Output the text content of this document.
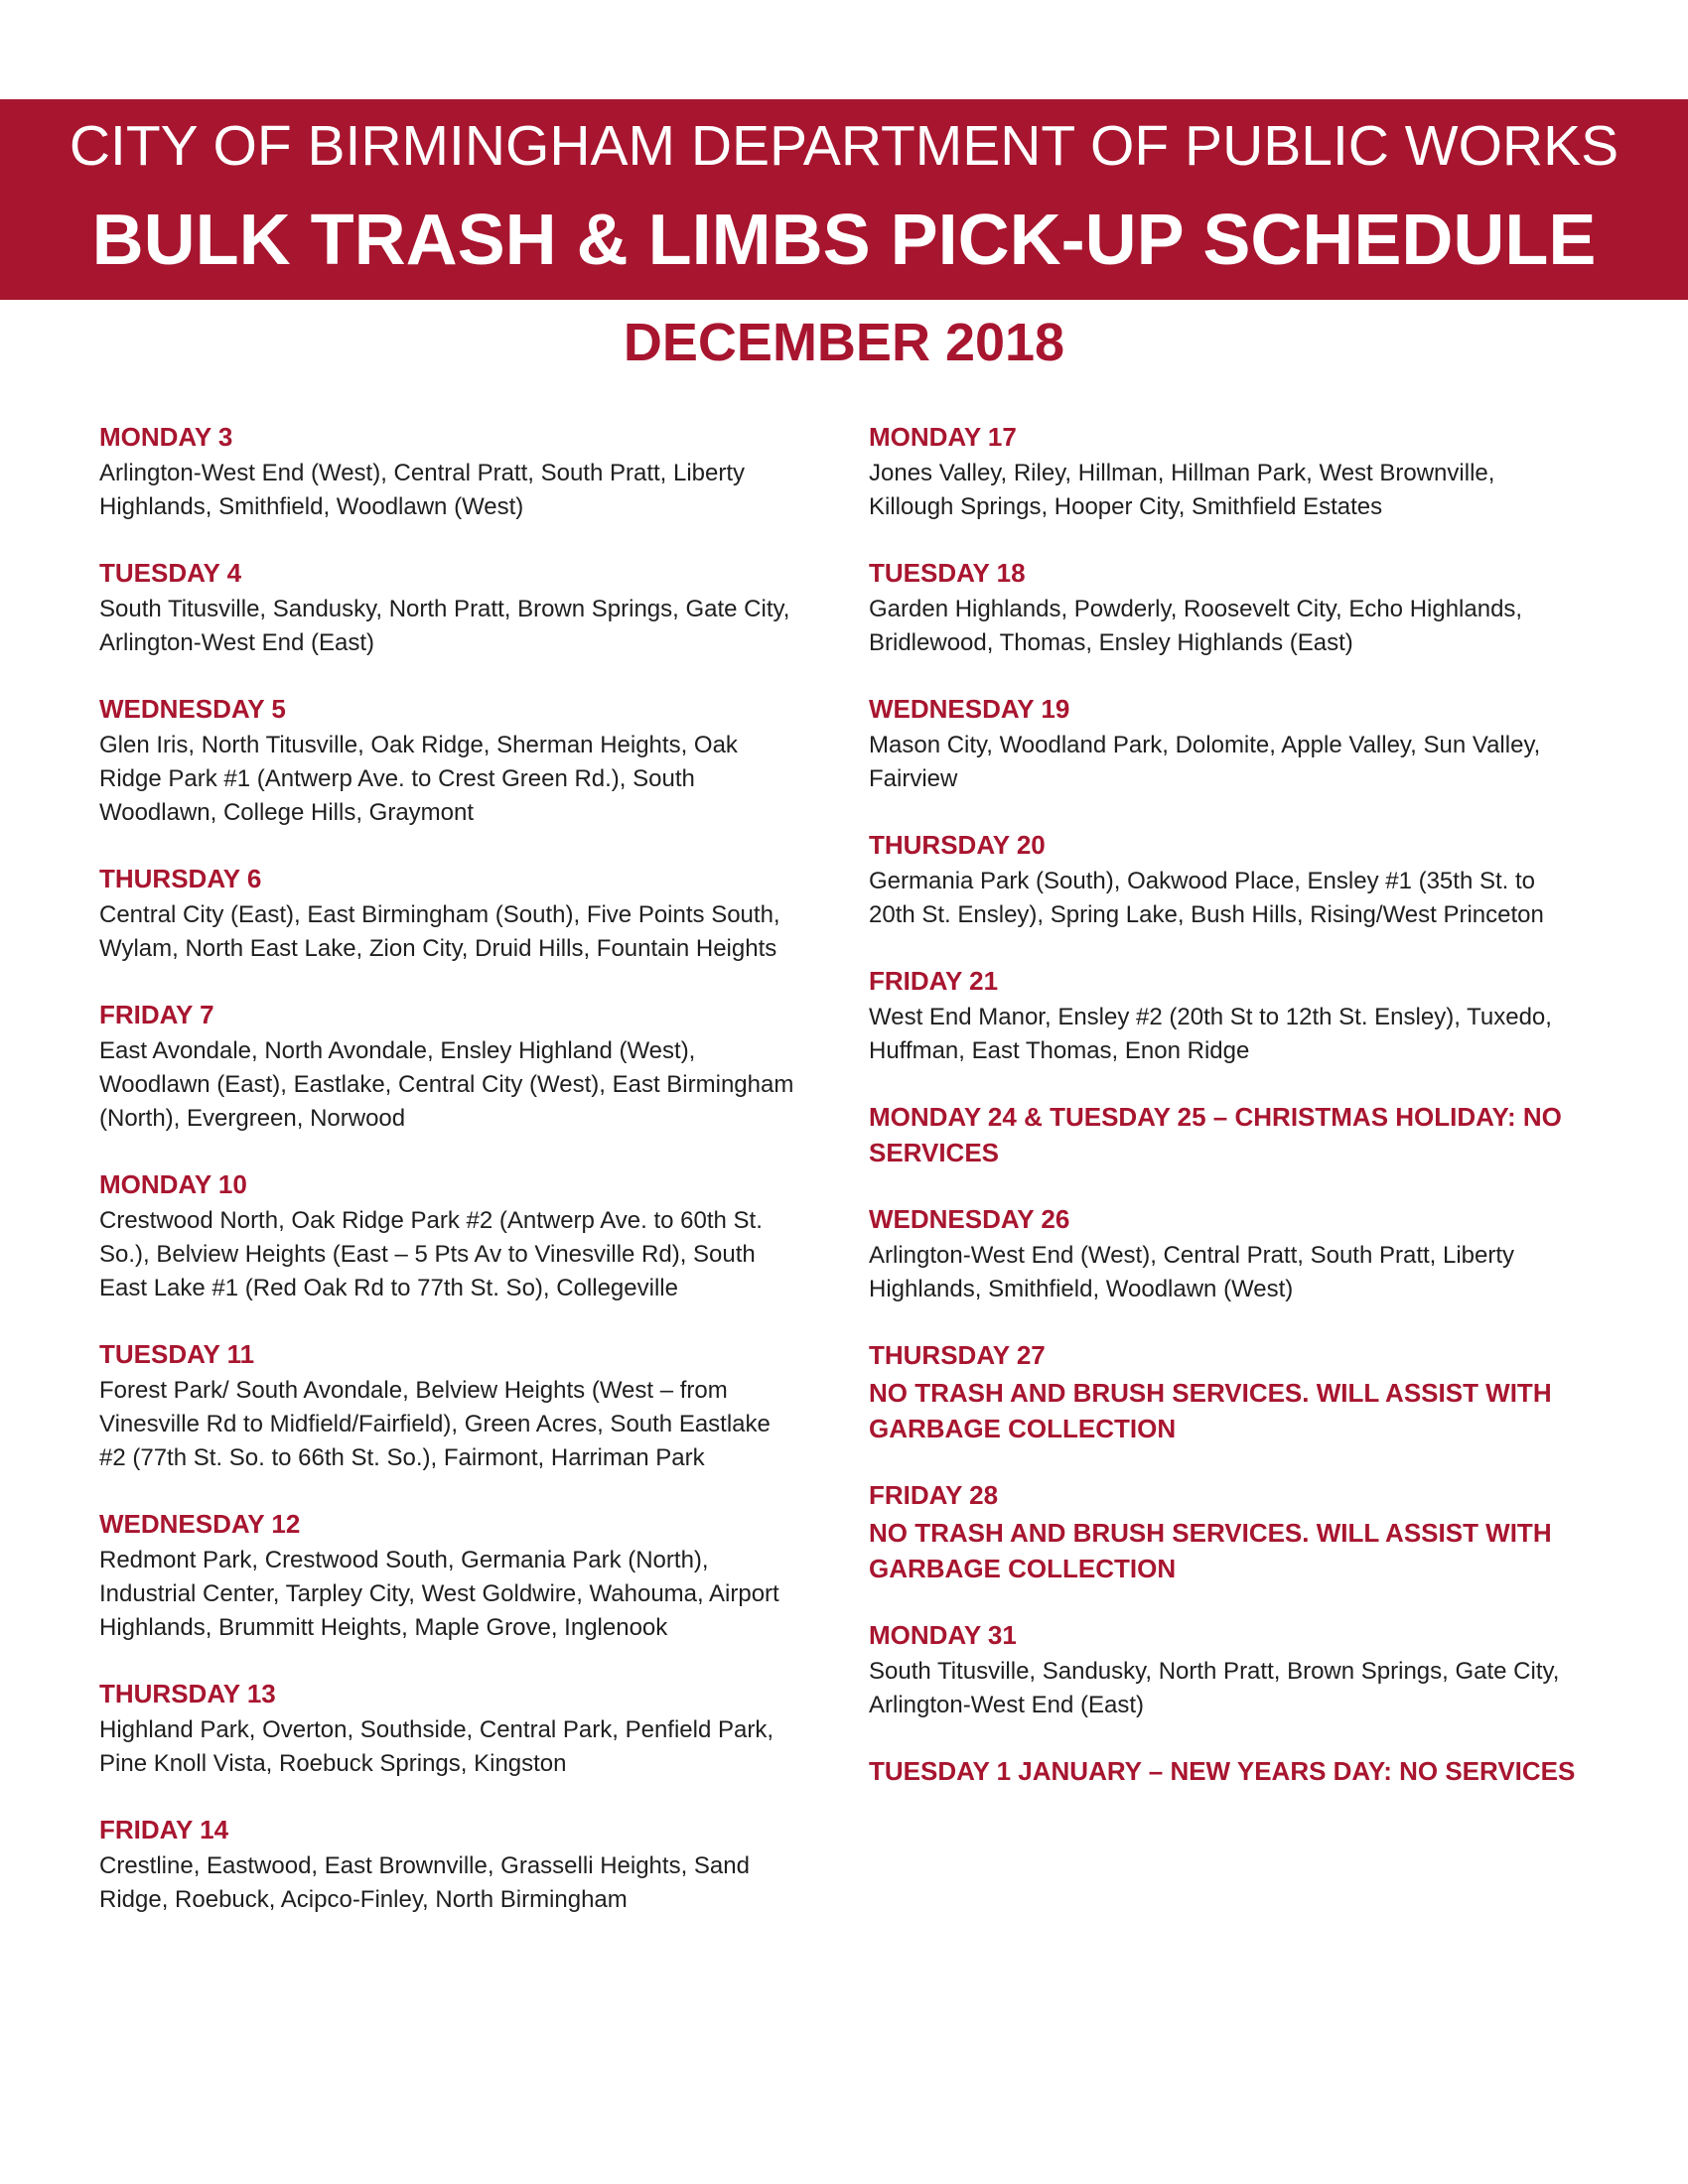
CITY OF BIRMINGHAM DEPARTMENT OF PUBLIC WORKS
BULK TRASH & LIMBS PICK-UP SCHEDULE
DECEMBER 2018
MONDAY 3
Arlington-West End (West), Central Pratt, South Pratt, Liberty Highlands, Smithfield, Woodlawn (West)
TUESDAY 4
South Titusville, Sandusky, North Pratt, Brown Springs, Gate City, Arlington-West End (East)
WEDNESDAY 5
Glen Iris, North Titusville, Oak Ridge, Sherman Heights, Oak Ridge Park #1 (Antwerp Ave. to Crest Green Rd.), South Woodlawn, College Hills, Graymont
THURSDAY 6
Central City (East), East Birmingham (South), Five Points South, Wylam, North East Lake, Zion City, Druid Hills, Fountain Heights
FRIDAY 7
East Avondale, North Avondale, Ensley Highland (West), Woodlawn (East), Eastlake, Central City (West), East Birmingham (North), Evergreen, Norwood
MONDAY 10
Crestwood North, Oak Ridge Park #2 (Antwerp Ave. to 60th St. So.), Belview Heights (East – 5 Pts Av to Vinesville Rd), South East Lake #1 (Red Oak Rd to 77th St. So), Collegeville
TUESDAY 11
Forest Park/ South Avondale, Belview Heights (West – from Vinesville Rd to Midfield/Fairfield), Green Acres, South Eastlake #2 (77th St. So. to 66th St. So.), Fairmont, Harriman Park
WEDNESDAY 12
Redmont Park, Crestwood South, Germania Park (North), Industrial Center, Tarpley City, West Goldwire, Wahouma, Airport Highlands, Brummitt Heights, Maple Grove, Inglenook
THURSDAY 13
Highland Park, Overton, Southside, Central Park, Penfield Park, Pine Knoll Vista, Roebuck Springs, Kingston
FRIDAY 14
Crestline, Eastwood, East Brownville, Grasselli Heights, Sand Ridge, Roebuck, Acipco-Finley, North Birmingham
MONDAY 17
Jones Valley, Riley, Hillman, Hillman Park, West Brownville, Killough Springs, Hooper City, Smithfield Estates
TUESDAY 18
Garden Highlands, Powderly, Roosevelt City, Echo Highlands, Bridlewood, Thomas, Ensley Highlands (East)
WEDNESDAY 19
Mason City, Woodland Park, Dolomite, Apple Valley, Sun Valley, Fairview
THURSDAY 20
Germania Park (South), Oakwood Place, Ensley #1 (35th St. to 20th St. Ensley), Spring Lake, Bush Hills, Rising/West Princeton
FRIDAY 21
West End Manor, Ensley #2 (20th St to 12th St. Ensley), Tuxedo, Huffman, East Thomas, Enon Ridge
MONDAY 24 & TUESDAY 25 – CHRISTMAS HOLIDAY: NO SERVICES
WEDNESDAY 26
Arlington-West End (West), Central Pratt, South Pratt, Liberty Highlands, Smithfield, Woodlawn (West)
THURSDAY 27
NO TRASH AND BRUSH SERVICES. WILL ASSIST WITH GARBAGE COLLECTION
FRIDAY 28
NO TRASH AND BRUSH SERVICES. WILL ASSIST WITH GARBAGE COLLECTION
MONDAY 31
South Titusville, Sandusky, North Pratt, Brown Springs, Gate City, Arlington-West End (East)
TUESDAY 1 JANUARY – NEW YEARS DAY: NO SERVICES
